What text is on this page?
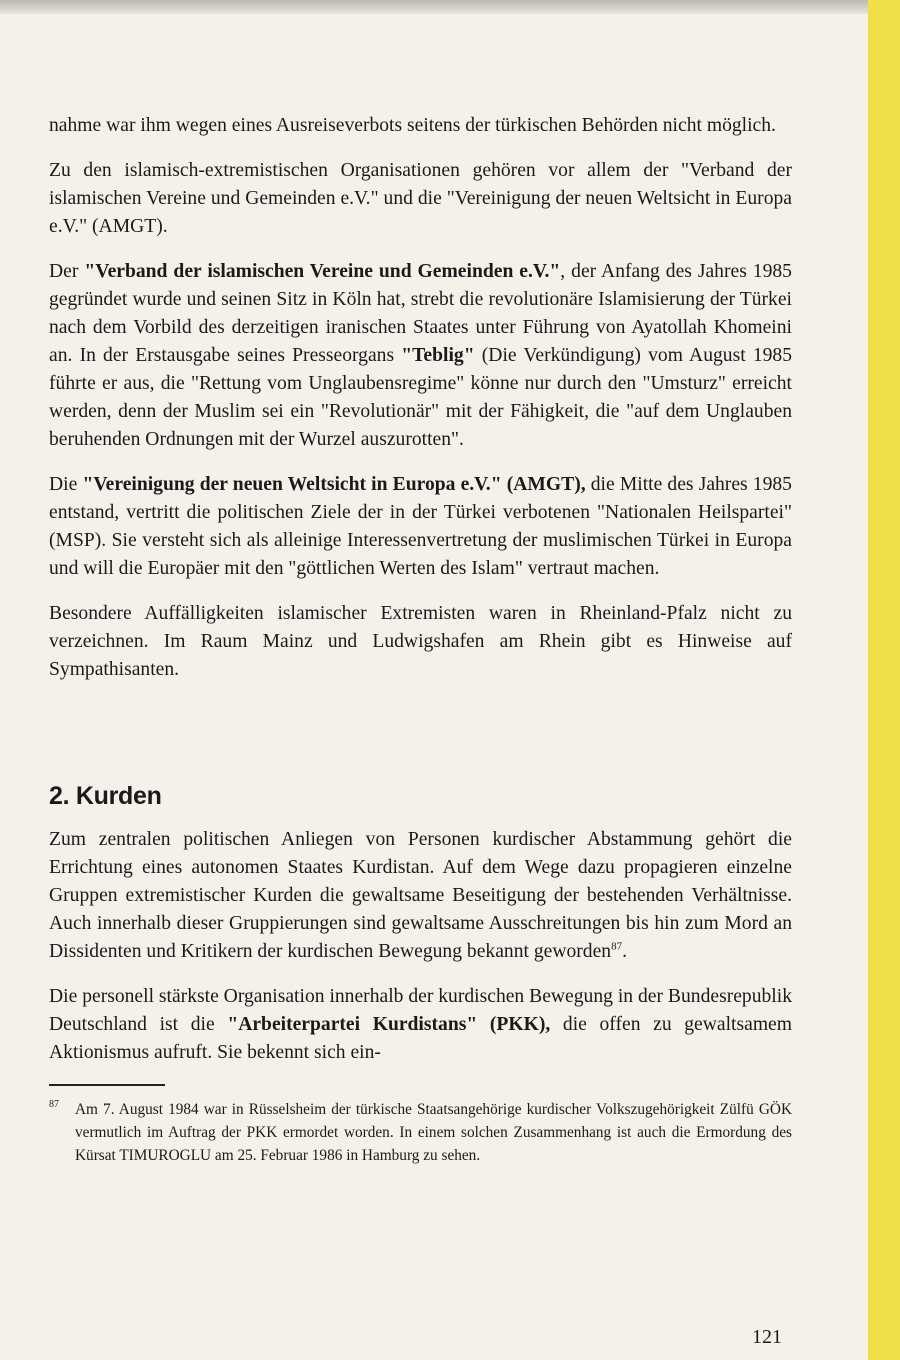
nahme war ihm wegen eines Ausreiseverbots seitens der türkischen Behörden nicht möglich.

Zu den islamisch-extremistischen Organisationen gehören vor allem der "Verband der islamischen Vereine und Gemeinden e.V." und die "Vereinigung der neuen Weltsicht in Europa e.V." (AMGT).

Der "Verband der islamischen Vereine und Gemeinden e.V.", der Anfang des Jahres 1985 gegründet wurde und seinen Sitz in Köln hat, strebt die revolutionäre Islamisierung der Türkei nach dem Vorbild des derzeitigen iranischen Staates unter Führung von Ayatollah Khomeini an. In der Erstausgabe seines Presseorgans "Teblig" (Die Verkündigung) vom August 1985 führte er aus, die "Rettung vom Unglaubensregime" könne nur durch den "Umsturz" erreicht werden, denn der Muslim sei ein "Revolutionär" mit der Fähigkeit, die "auf dem Unglauben beruhenden Ordnungen mit der Wurzel auszurotten".

Die "Vereinigung der neuen Weltsicht in Europa e.V." (AMGT), die Mitte des Jahres 1985 entstand, vertritt die politischen Ziele der in der Türkei verbotenen "Nationalen Heilspartei" (MSP). Sie versteht sich als alleinige Interessenvertretung der muslimischen Türkei in Europa und will die Europäer mit den "göttlichen Werten des Islam" vertraut machen.

Besondere Auffälligkeiten islamischer Extremisten waren in Rheinland-Pfalz nicht zu verzeichnen. Im Raum Mainz und Ludwigshafen am Rhein gibt es Hinweise auf Sympathisanten.

2. Kurden

Zum zentralen politischen Anliegen von Personen kurdischer Abstammung gehört die Errichtung eines autonomen Staates Kurdistan. Auf dem Wege dazu propagieren einzelne Gruppen extremistischer Kurden die gewaltsame Beseitigung der bestehenden Verhältnisse. Auch innerhalb dieser Gruppierungen sind gewaltsame Ausschreitungen bis hin zum Mord an Dissidenten und Kritikern der kurdischen Bewegung bekannt geworden$^{87}$.

Die personell stärkste Organisation innerhalb der kurdischen Bewegung in der Bundesrepublik Deutschland ist die "Arbeiterpartei Kurdistans" (PKK), die offen zu gewaltsamem Aktionismus aufruft. Sie bekennt sich ein-

87	Am 7. August 1984 war in Rüsselsheim der türkische Staatsangehörige kurdischer Volkszugehörigkeit Zülfü GÖK vermutlich im Auftrag der PKK ermordet worden. In einem solchen Zusammenhang ist auch die Ermordung des Kürsat TIMUROGLU am 25. Februar 1986 in Hamburg zu sehen.
121
